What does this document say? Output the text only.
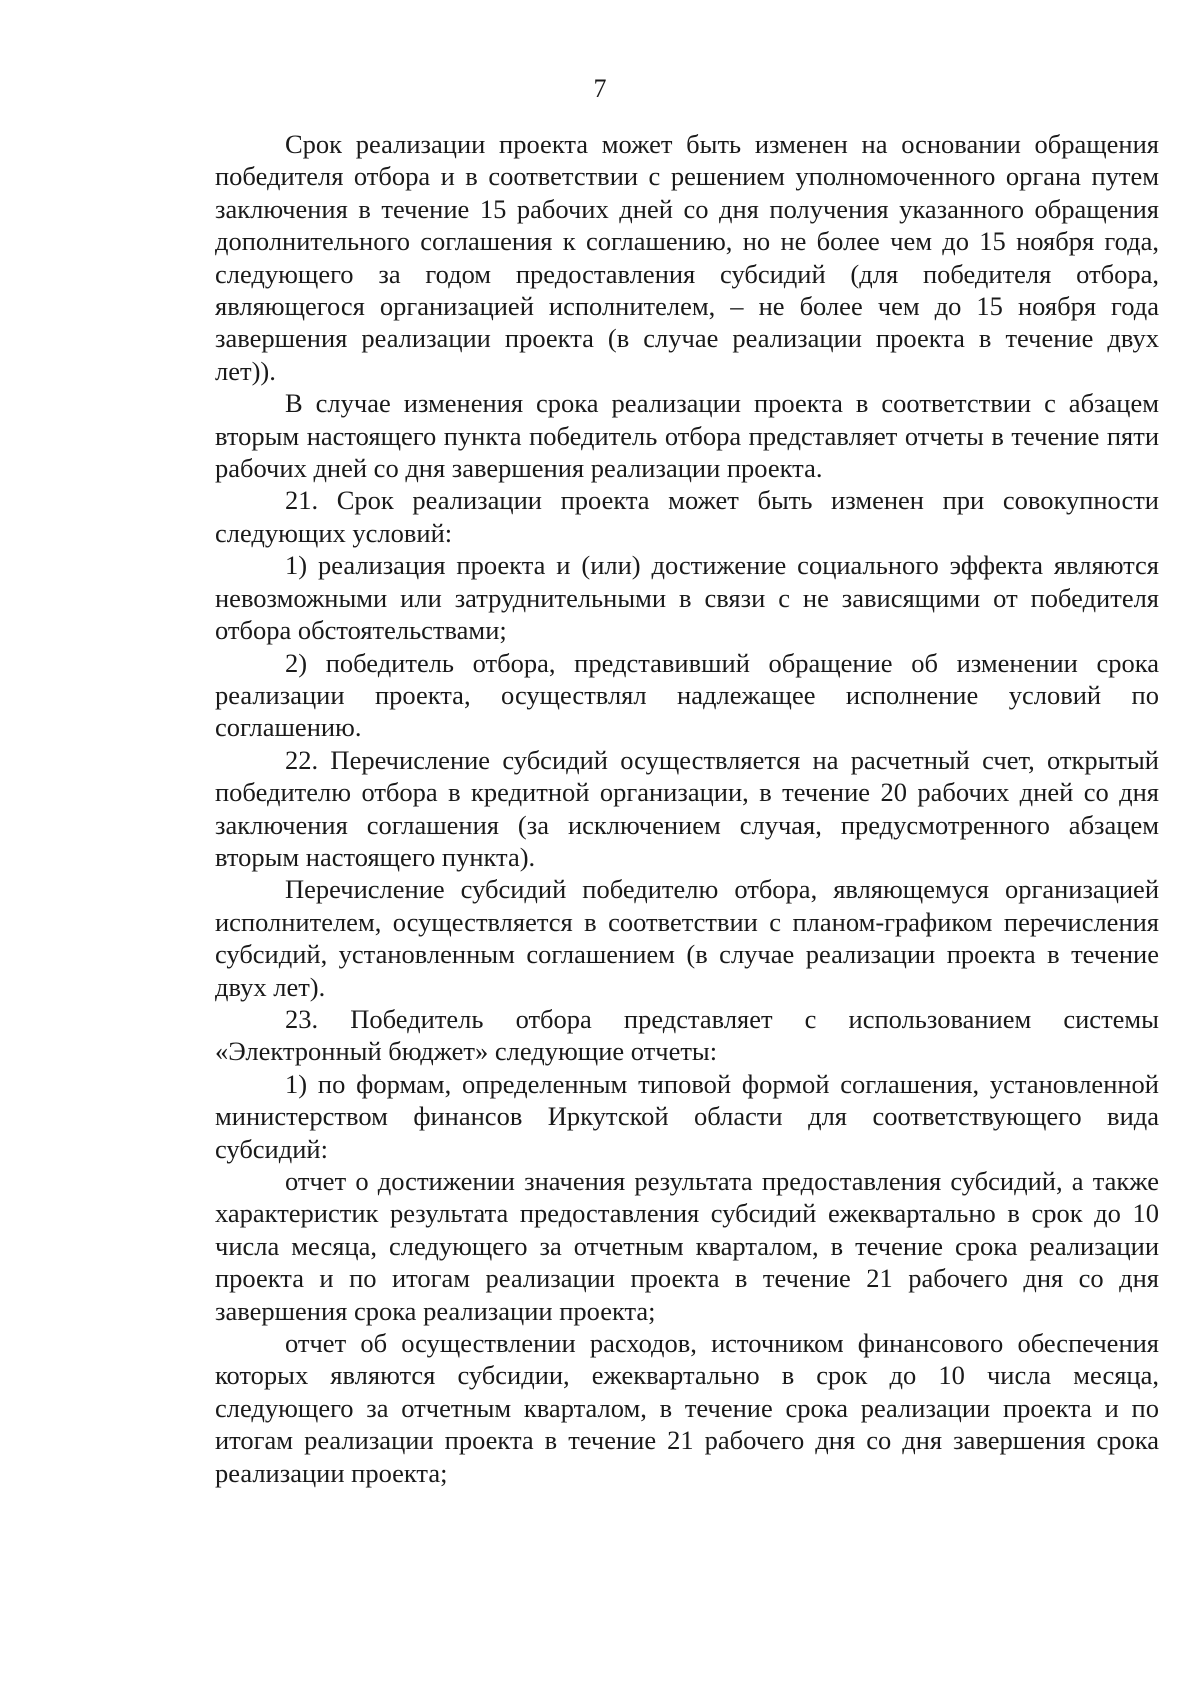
7

Срок реализации проекта может быть изменен на основании обращения победителя отбора и в соответствии с решением уполномоченного органа путем заключения в течение 15 рабочих дней со дня получения указанного обращения дополнительного соглашения к соглашению, но не более чем до 15 ноября года, следующего за годом предоставления субсидий (для победителя отбора, являющегося организацией исполнителем, – не более чем до 15 ноября года завершения реализации проекта (в случае реализации проекта в течение двух лет)).

В случае изменения срока реализации проекта в соответствии с абзацем вторым настоящего пункта победитель отбора представляет отчеты в течение пяти рабочих дней со дня завершения реализации проекта.

21. Срок реализации проекта может быть изменен при совокупности следующих условий:

1) реализация проекта и (или) достижение социального эффекта являются невозможными или затруднительными в связи с не зависящими от победителя отбора обстоятельствами;

2) победитель отбора, представивший обращение об изменении срока реализации проекта, осуществлял надлежащее исполнение условий по соглашению.

22. Перечисление субсидий осуществляется на расчетный счет, открытый победителю отбора в кредитной организации, в течение 20 рабочих дней со дня заключения соглашения (за исключением случая, предусмотренного абзацем вторым настоящего пункта).

Перечисление субсидий победителю отбора, являющемуся организацией исполнителем, осуществляется в соответствии с планом-графиком перечисления субсидий, установленным соглашением (в случае реализации проекта в течение двух лет).

23. Победитель отбора представляет с использованием системы «Электронный бюджет» следующие отчеты:

1) по формам, определенным типовой формой соглашения, установленной министерством финансов Иркутской области для соответствующего вида субсидий:

отчет о достижении значения результата предоставления субсидий, а также характеристик результата предоставления субсидий ежеквартально в срок до 10 числа месяца, следующего за отчетным кварталом, в течение срока реализации проекта и по итогам реализации проекта в течение 21 рабочего дня со дня завершения срока реализации проекта;

отчет об осуществлении расходов, источником финансового обеспечения которых являются субсидии, ежеквартально в срок до 10 числа месяца, следующего за отчетным кварталом, в течение срока реализации проекта и по итогам реализации проекта в течение 21 рабочего дня со дня завершения срока реализации проекта;
